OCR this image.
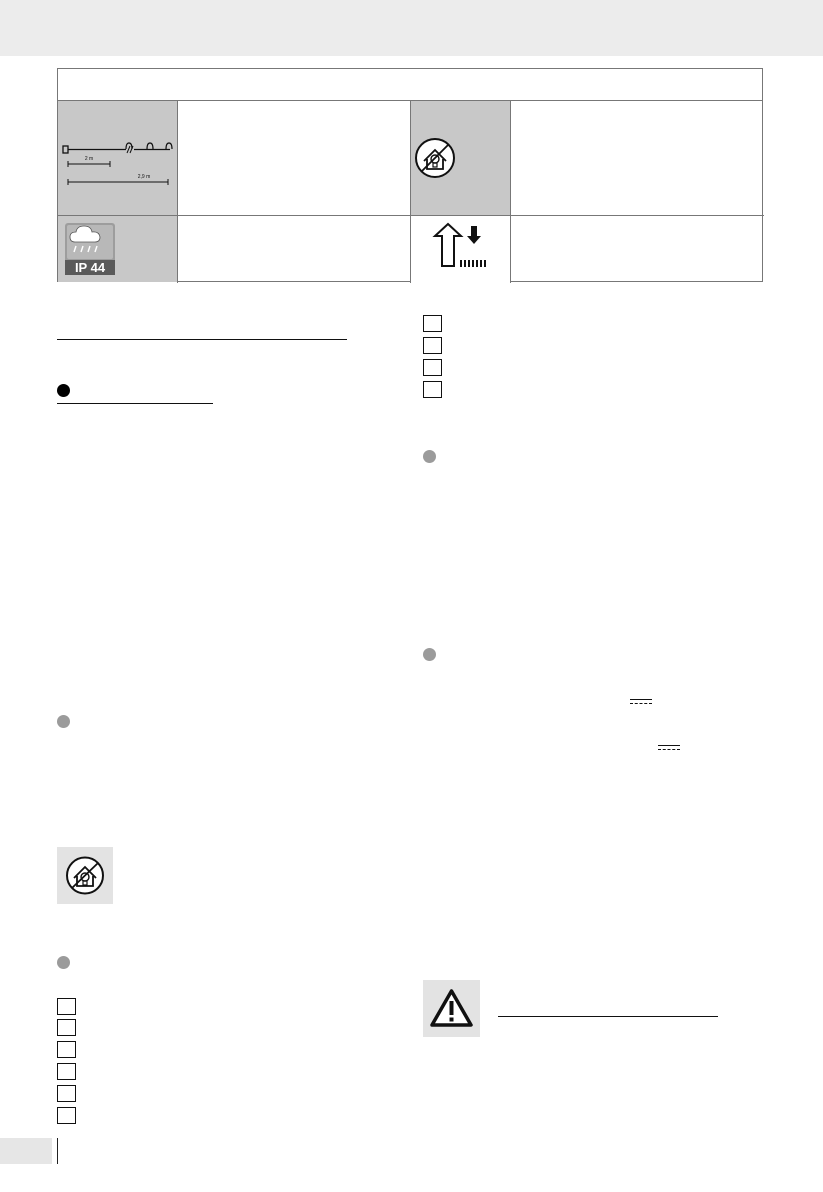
2 m
2,9 m
IP 44
